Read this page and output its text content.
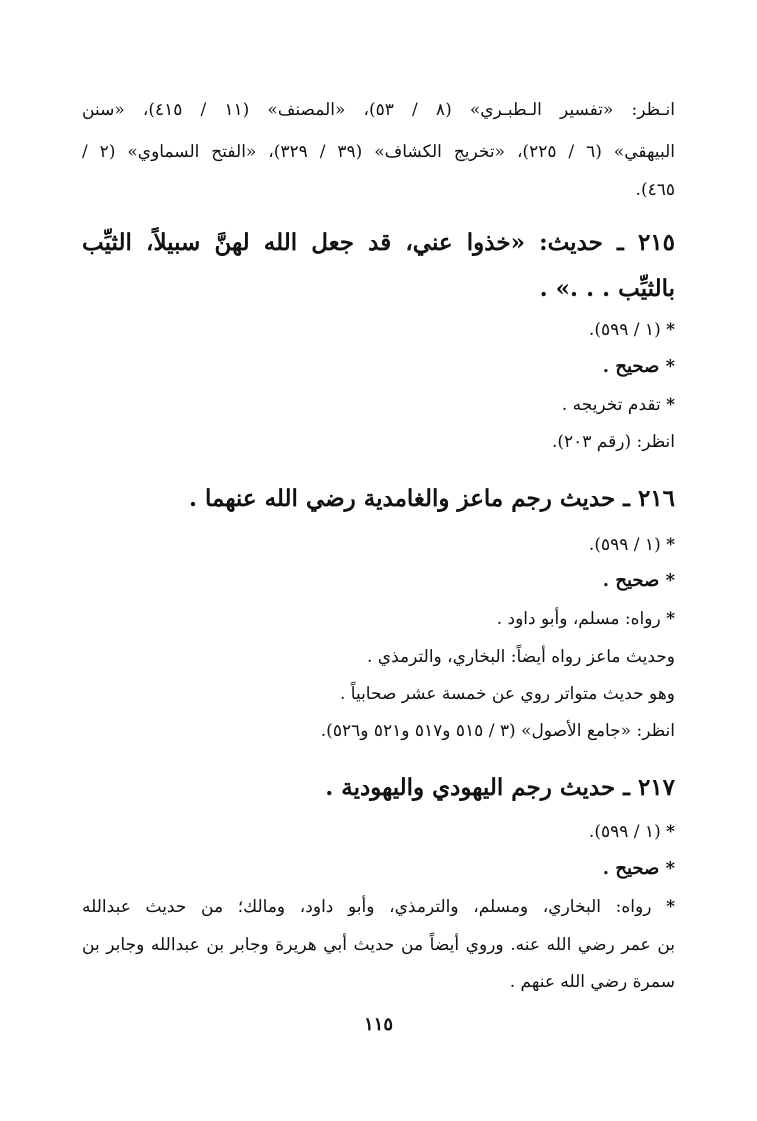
انـظر: «تفسير الـطبـري» (٨ / ٥٣)، «المصنف» (١١ / ٤١٥)، «سنن
البيهقي» (٦ / ٢٢٥)، «تخريج الكشاف» (٣٩ / ٣٢٩)، «الفتح السماوي» (٢ /
٤٦٥).
٢١٥ ـ حديث: «خذوا عني، قد جعل الله لهنَّ سبيلاً، الثيِّب
بالثيِّب . . .» .
* (١ / ٥٩٩).
* صحيح .
* تقدم تخريجه .
انظر: (رقم ٢٠٣).
٢١٦ ـ حديث رجم ماعز والغامدية رضي الله عنهما .
* (١ / ٥٩٩).
* صحيح .
* رواه: مسلم، وأبو داود .
وحديث ماعز رواه أيضاً: البخاري، والترمذي .
وهو حديث متواتر روي عن خمسة عشر صحابياً .
انظر: «جامع الأصول» (٣ / ٥١٥ و٥١٧ و٥٢١ و٥٢٦).
٢١٧ ـ حديث رجم اليهودي واليهودية .
* (١ / ٥٩٩).
* صحيح .
* رواه: البخاري، ومسلم، والترمذي، وأبو داود، ومالك؛ من حديث عبدالله
بن عمر رضي الله عنه. وروي أيضاً من حديث أبي هريرة وجابر بن عبدالله وجابر بن
سمرة رضي الله عنهم .
١١٥
